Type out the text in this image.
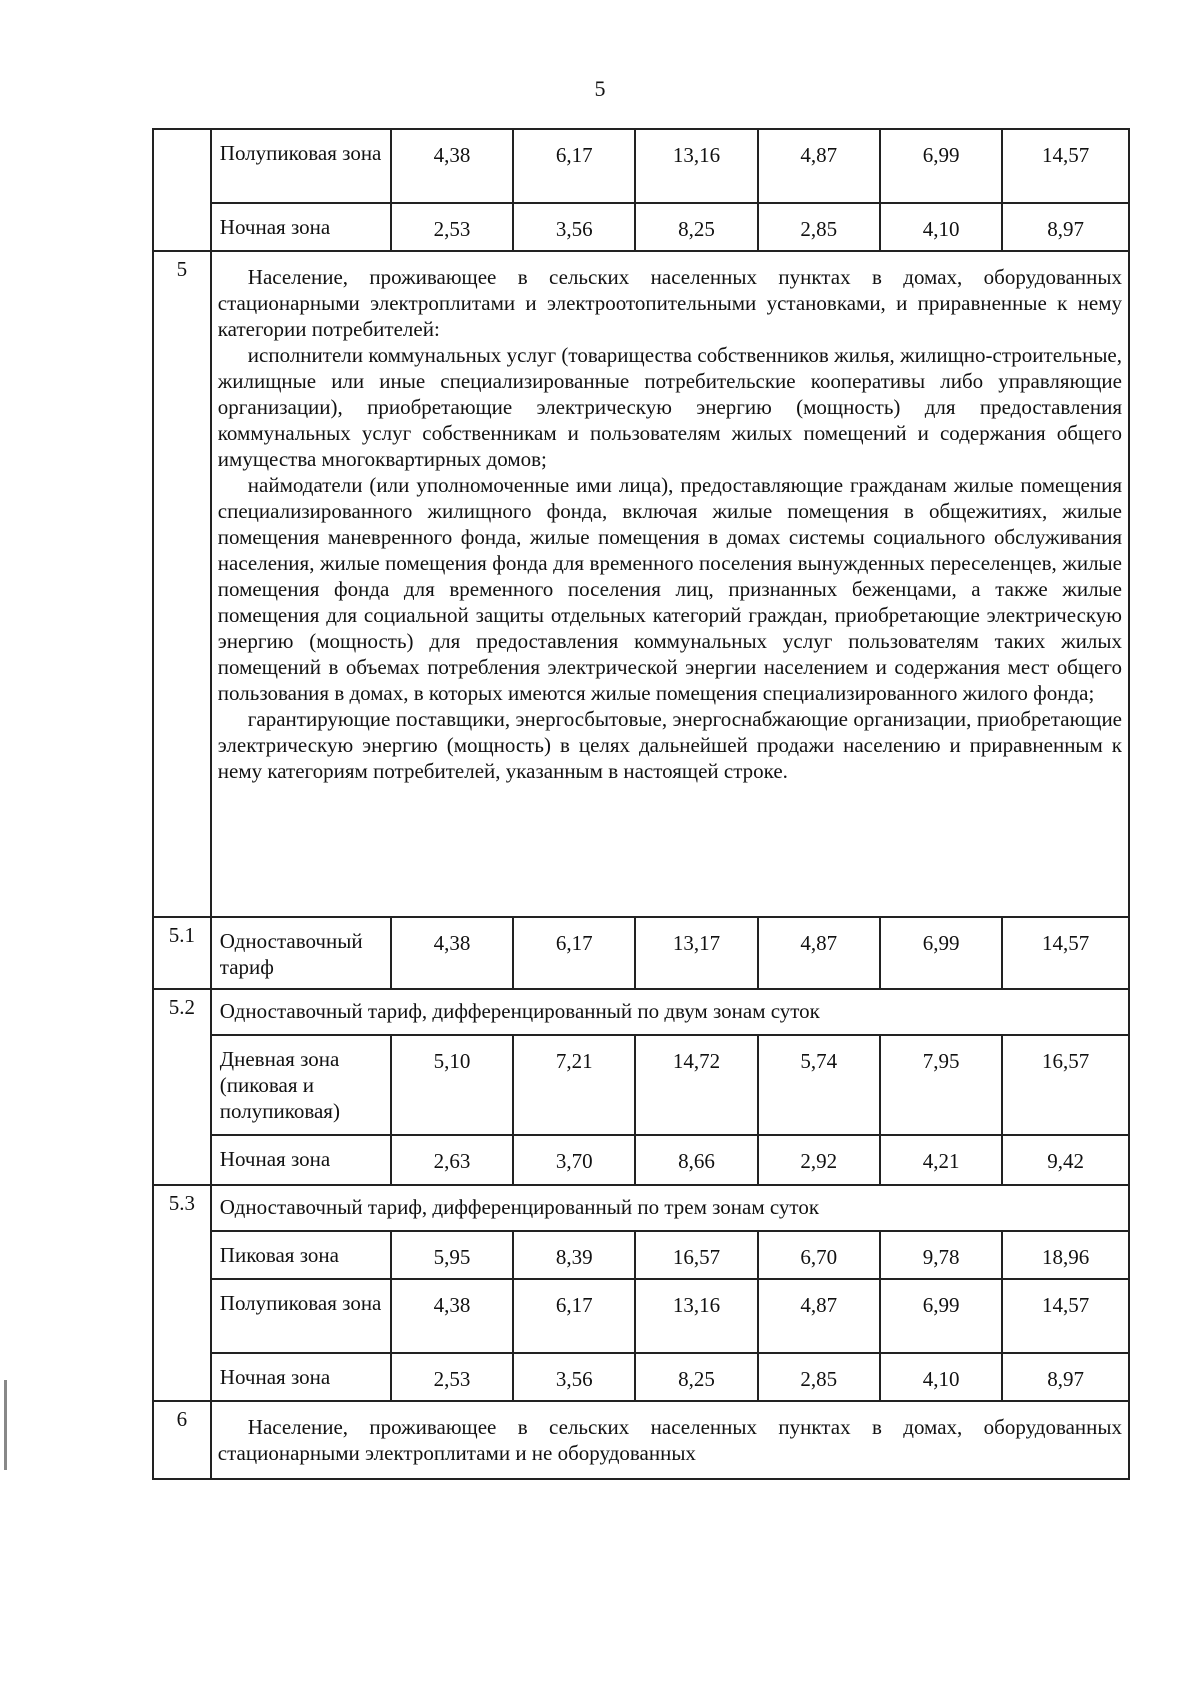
5
	Полупиковая зона	4,38	6,17	13,16	4,87	6,99	14,57
	Ночная зона	2,53	3,56	8,25	2,85	4,10	8,97
5	Население, проживающее в сельских населенных пунктах в домах, оборудованных стационарными электроплитами и электроотопительными установками, и приравненные к нему категории потребителей:

исполнители коммунальных услуг (товарищества собственников жилья, жилищно-строительные, жилищные или иные специализированные потребительские кооперативы либо управляющие организации), приобретающие электрическую энергию (мощность) для предоставления коммунальных услуг собственникам и пользователям жилых помещений и содержания общего имущества многоквартирных домов;

наймодатели (или уполномоченные ими лица), предоставляющие гражданам жилые помещения специализированного жилищного фонда, включая жилые помещения в общежитиях, жилые помещения маневренного фонда, жилые помещения в домах системы социального обслуживания населения, жилые помещения фонда для временного поселения вынужденных переселенцев, жилые помещения фонда для временного поселения лиц, признанных беженцами, а также жилые помещения для социальной защиты отдельных категорий граждан, приобретающие электрическую энергию (мощность) для предоставления коммунальных услуг пользователям таких жилых помещений в объемах потребления электрической энергии населением и содержания мест общего пользования в домах, в которых имеются жилые помещения специализированного жилого фонда;

гарантирующие поставщики, энергосбытовые, энергоснабжающие организации, приобретающие электрическую энергию (мощность) в целях дальнейшей продажи населению и приравненным к нему категориям потребителей, указанным в настоящей строке.						

5.1	Одноставочный тариф	4,38	6,17	13,17	4,87	6,99	14,57
5.2	Одноставочный тариф, дифференцированный по двум зонам суток						
	Дневная зона (пиковая и полупиковая)	5,10	7,21	14,72	5,74	7,95	16,57
	Ночная зона	2,63	3,70	8,66	2,92	4,21	9,42
5.3	Одноставочный тариф, дифференцированный по трем зонам суток						
	Пиковая зона	5,95	8,39	16,57	6,70	9,78	18,96
	Полупиковая зона	4,38	6,17	13,16	4,87	6,99	14,57
	Ночная зона	2,53	3,56	8,25	2,85	4,10	8,97
6	Население, проживающее в сельских населенных пунктах в домах, оборудованных стационарными электроплитами и не оборудованных						
